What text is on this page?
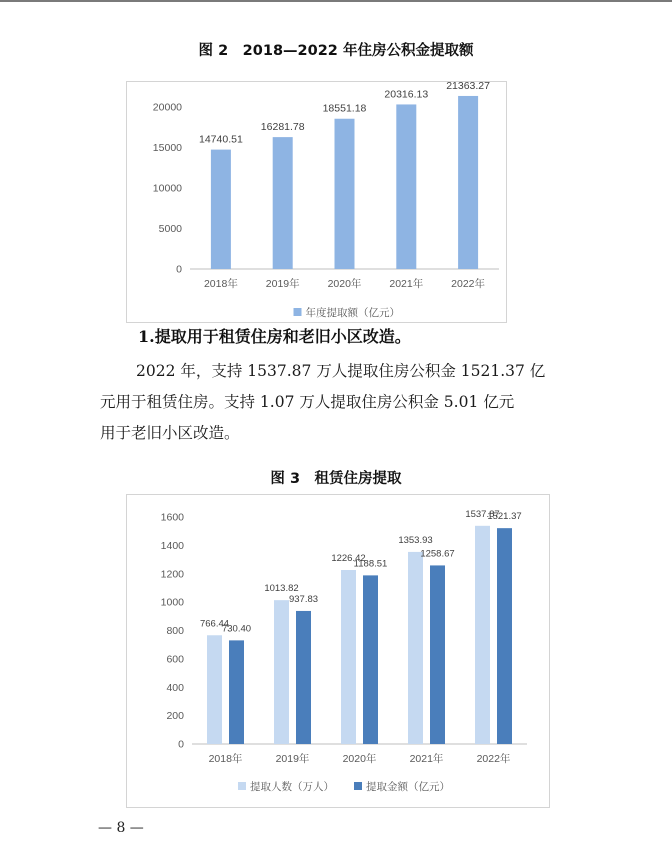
图 2　2018—2022 年住房公积金提取额
0
5000
10000
15000
20000
14740.51
2018年
16281.78
2019年
18551.18
2020年
20316.13
2021年
21363.27
2022年
年度提取额（亿元）
1.提取用于租赁住房和老旧小区改造。
2022 年，支持 1537.87 万人提取住房公积金 1521.37 亿
元用于租赁住房。支持 1.07 万人提取住房公积金 5.01 亿元
用于老旧小区改造。
图 3　租赁住房提取
0
200
400
600
800
1000
1200
1400
1600
766.44
730.40
2018年
1013.82
937.83
2019年
1226.42
1188.51
2020年
1353.93
1258.67
2021年
1537.87
1521.37
2022年
提取人数（万人）	提取金额（亿元）
— 8 —
